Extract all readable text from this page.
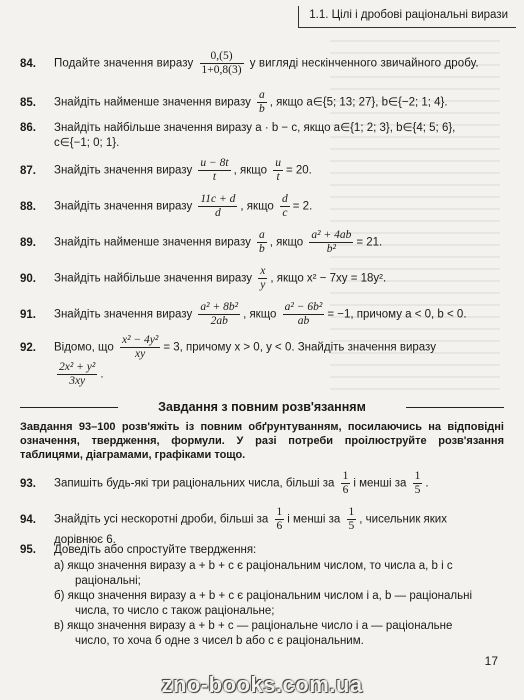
1.1. Цілі і дробові раціональні вирази
84. Подайте значення виразу $\frac{0,(5)}{1+0,8(3)}$ у вигляді нескінченного звичайного дробу.
85. Знайдіть найменше значення виразу $\frac{a}{b}$ , якщо a∈{5; 13; 27}, b∈{−2; 1; 4}.
86. Знайдіть найбільше значення виразу a · b − c, якщо a∈{1; 2; 3}, b∈{4; 5; 6},
c∈{−1; 0; 1}.
87. Знайдіть значення виразу $\frac{u - 8t}{t}$ , якщо $\frac{u}{t} = 20$.
88. Знайдіть значення виразу $\frac{11c + d}{d}$ , якщо $\frac{d}{c} = 2$.
89. Знайдіть найменше значення виразу $\frac{a}{b}$ , якщо $\frac{\text{a² + 4ab}}{\text{b²}} = 21$.
90. Знайдіть найбільше значення виразу $\frac{x}{y}$ , якщо x² − 7xy = 18y².
91. Знайдіть значення виразу $\frac{\text{a² + 8b²}}{2ab}$ , якщо $\frac{\text{a² − 6b²}}{ab} = -1$, причому a < 0, b < 0.
92. Відомо, що $\frac{\text{x² − 4y²}}{xy} = 3$, причому x > 0, y < 0. Знайдіть значення виразу
$\frac{\text{2x² + y²}}{3xy}$ .
Завдання з повним розв'язанням
Завдання 93–100 розв'яжіть із повним обґрунтуванням, посилаючись на відповідні означення, твердження, формули. У разі потреби проілюструйте розв'язання таблицями, діаграмами, графіками тощо.
93. Запишіть будь-які три раціональних числа, більші за $\frac{1}{6}$ і менші за $\frac{1}{5}$ .
94. Знайдіть усі нескоротні дроби, більші за $\frac{1}{6}$ і менші за $\frac{1}{5}$ , чисельник яких
дорівнює 6.
95. Доведіть або спростуйте твердження:
а) якщо значення виразу a + b + c є раціональним числом, то числа a, b і c
раціональні;
б) якщо значення виразу a + b + c є раціональним числом і a, b — раціональні
числа, то число c також раціональне;
в) якщо значення виразу a + b + c — раціональне число і a — раціональне
число, то хоча б одне з чисел b або c є раціональним.
17
zno-books.com.ua
